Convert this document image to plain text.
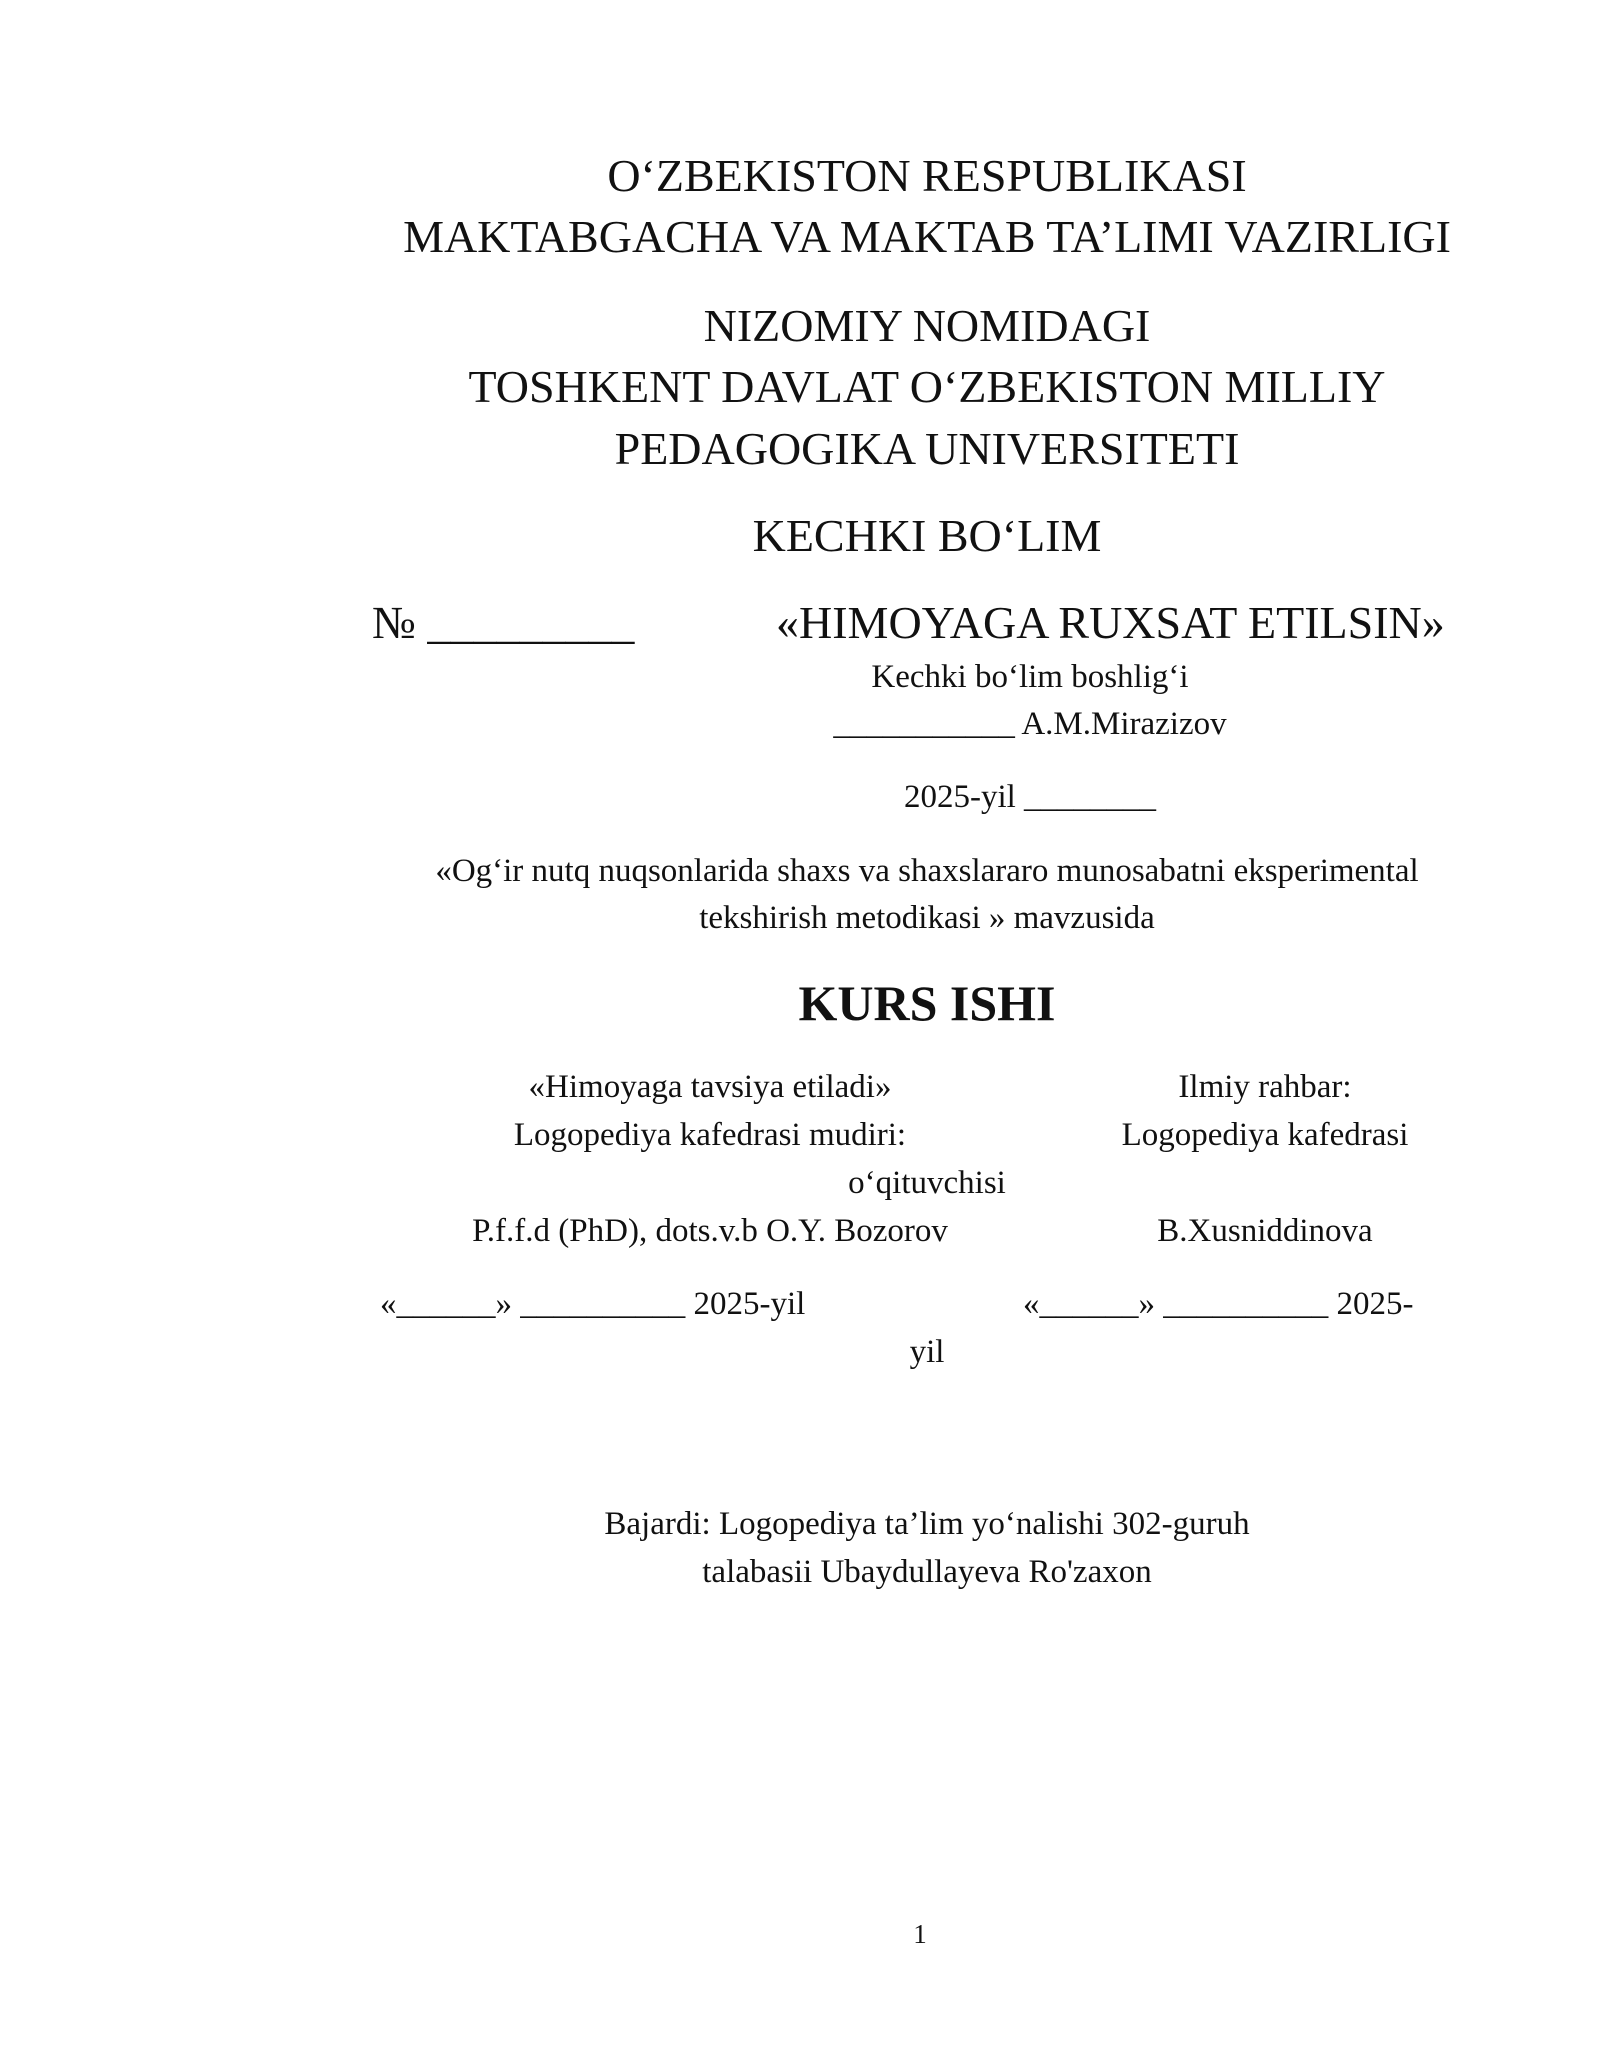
O‘ZBEKISTON RESPUBLIKASI
MAKTABGACHA VA MAKTAB TA’LIMI VAZIRLIGI
NIZOMIY NOMIDAGI
TOSHKENT DAVLAT O‘ZBEKISTON MILLIY
PEDAGOGIKA UNIVERSITETI
KECHKI BO‘LIM
№ _________	«HIMOYAGA RUXSAT ETILSIN»
Kechki bo‘lim boshlig‘i
___________ A.M.Mirazizov
2025-yil ________
«Og‘ir nutq nuqsonlarida shaxs va shaxslararo munosabatni eksperimental
tekshirish metodikasi » mavzusida
KURS ISHI
«Himoyaga tavsiya etiladi»	Ilmiy rahbar:
Logopediya kafedrasi mudiri:	Logopediya kafedrasi
o‘qituvchisi
P.f.f.d (PhD), dots.v.b O.Y. Bozorov	B.Xusniddinova
«______» __________ 2025-yil	«______» __________ 2025-
yil
Bajardi: Logopediya ta’lim yo‘nalishi 302-guruh
talabasii Ubaydullayeva Ro'zaxon
1
